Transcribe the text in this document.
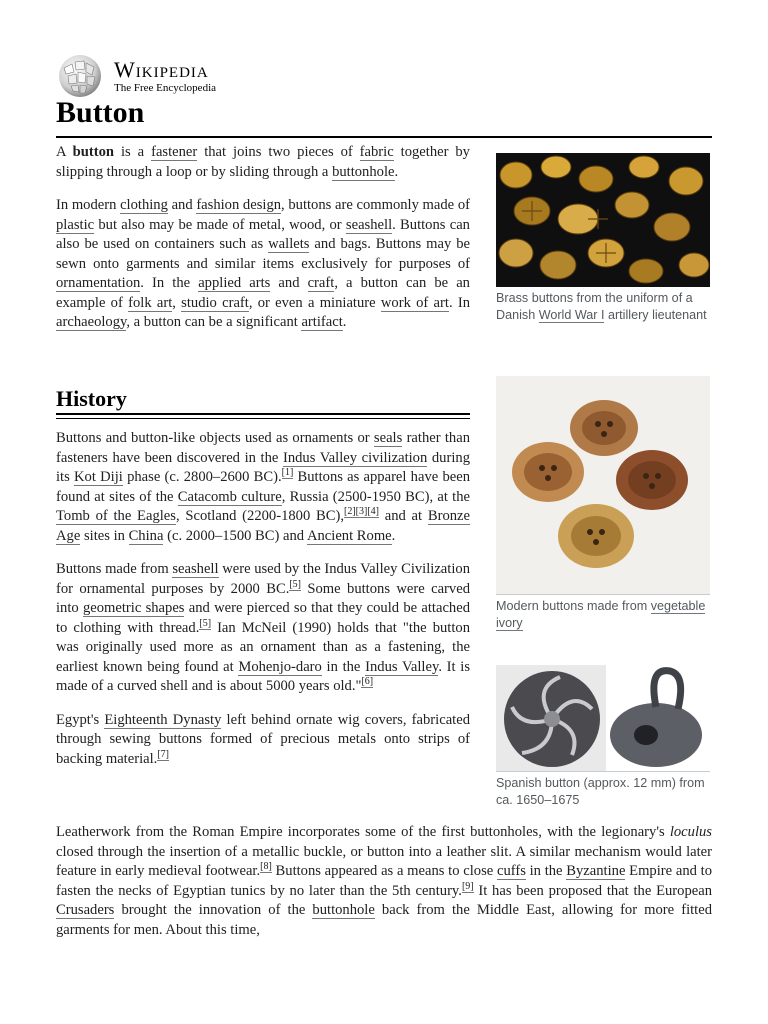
Wikipedia
The Free Encyclopedia
Button

A button is a fastener that joins two pieces of fabric together by slipping through a loop or by sliding through a buttonhole.

In modern clothing and fashion design, buttons are commonly made of plastic but also may be made of metal, wood, or seashell. Buttons can also be used on containers such as wallets and bags. Buttons may be sewn onto garments and similar items exclusively for purposes of ornamentation. In the applied arts and craft, a button can be an example of folk art, studio craft, or even a miniature work of art. In archaeology, a button can be a significant artifact.

History

Buttons and button-like objects used as ornaments or seals rather than fasteners have been discovered in the Indus Valley civilization during its Kot Diji phase (c. 2800–2600 BC).[1] Buttons as apparel have been found at sites of the Catacomb culture, Russia (2500-1950 BC), at the Tomb of the Eagles, Scotland (2200-1800 BC),[2][3][4] and at Bronze Age sites in China (c. 2000–1500 BC) and Ancient Rome.

Buttons made from seashell were used by the Indus Valley Civilization for ornamental purposes by 2000 BC.[5] Some buttons were carved into geometric shapes and were pierced so that they could be attached to clothing with thread.[5] Ian McNeil (1990) holds that "the button was originally used more as an ornament than as a fastening, the earliest known being found at Mohenjo-daro in the Indus Valley. It is made of a curved shell and is about 5000 years old."[6]

Egypt's Eighteenth Dynasty left behind ornate wig covers, fabricated through sewing buttons formed of precious metals onto strips of backing material.[7]

Leatherwork from the Roman Empire incorporates some of the first buttonholes, with the legionary's loculus closed through the insertion of a metallic buckle, or button into a leather slit. A similar mechanism would later feature in early medieval footwear.[8] Buttons appeared as a means to close cuffs in the Byzantine Empire and to fasten the necks of Egyptian tunics by no later than the 5th century.[9] It has been proposed that the European Crusaders brought the innovation of the buttonhole back from the Middle East, allowing for more fitted garments for men. About this time,
Brass buttons from the uniform of a Danish World War I artillery lieutenant
Modern buttons made from vegetable ivory
Spanish button (approx. 12 mm) from ca. 1650–1675
